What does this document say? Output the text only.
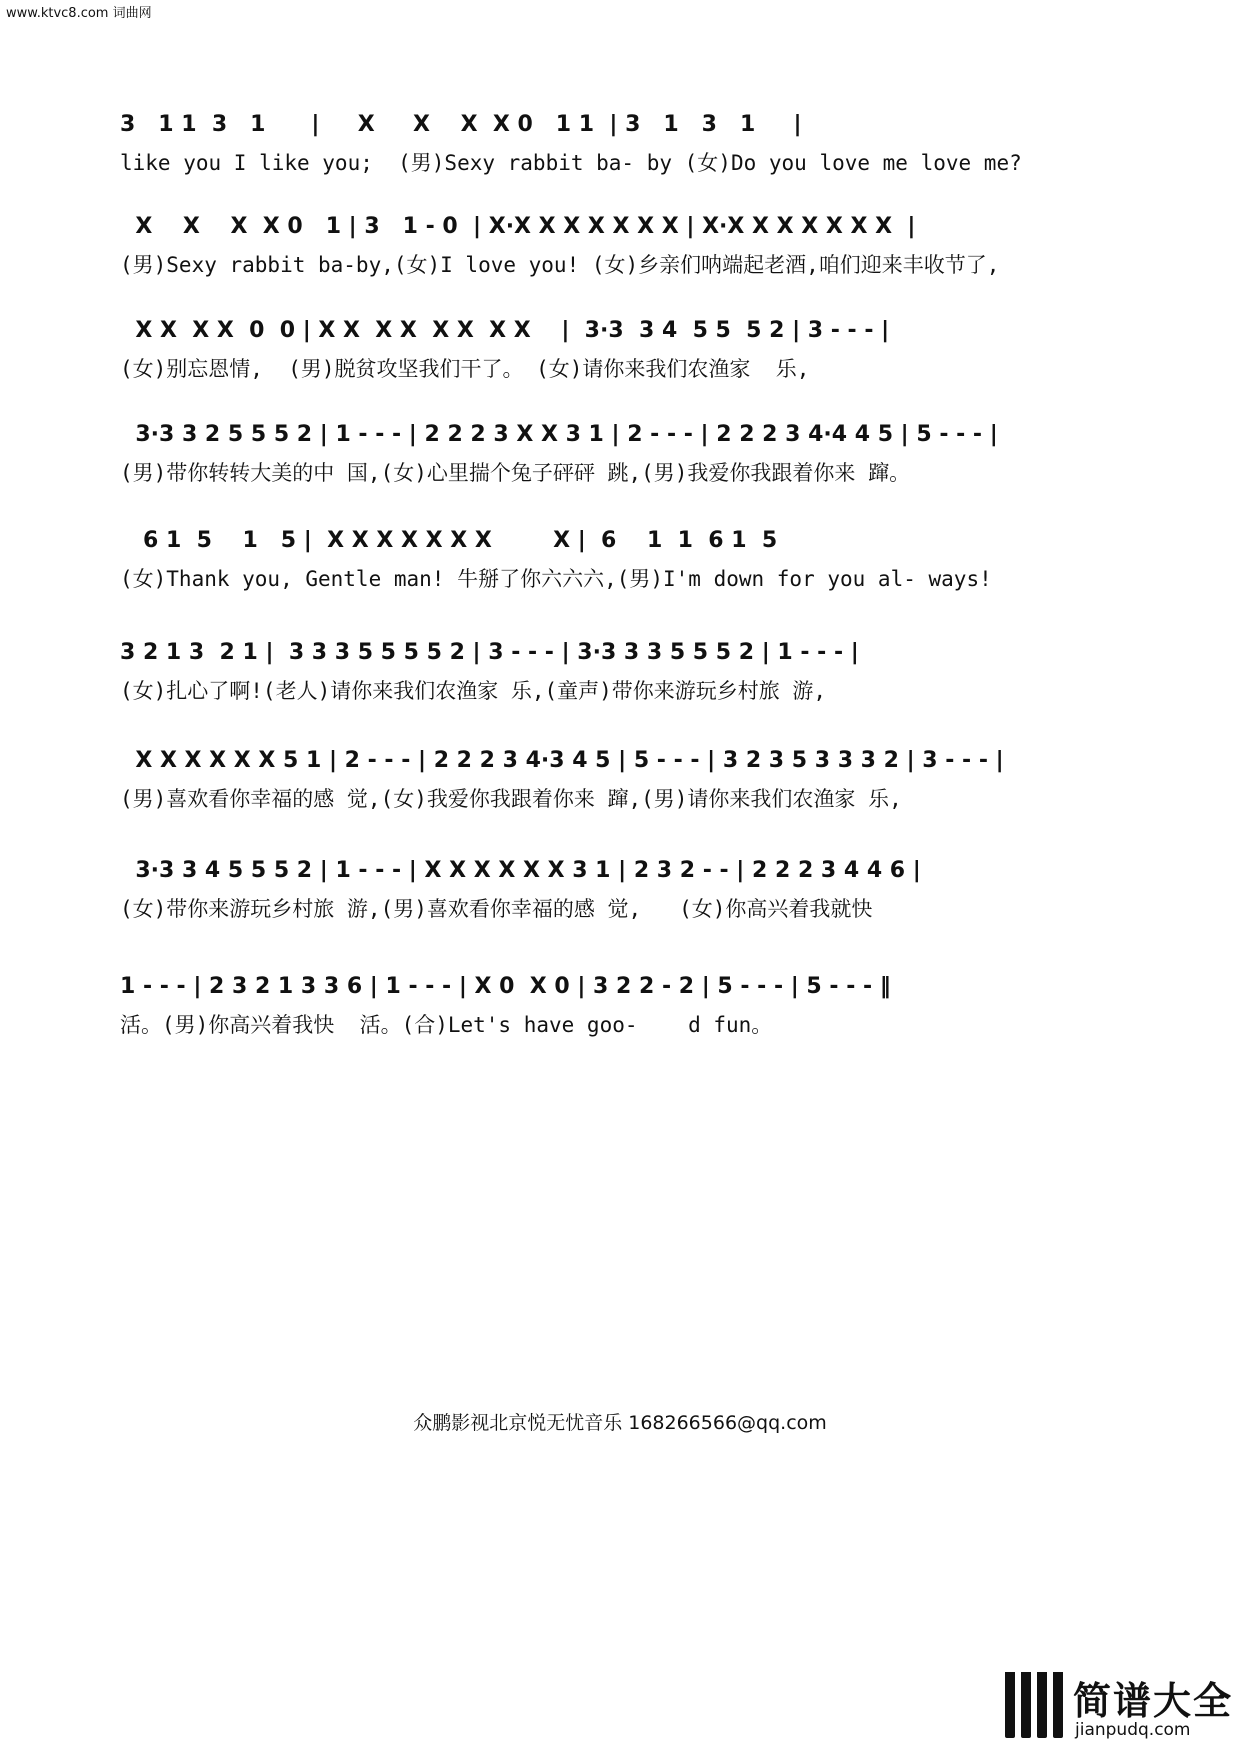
www.ktvc8.com 词曲网
3   1 1  3   1      |     X     X    X  X 0   1 1  | 3   1   3   1     |
like you I like you;  (男)Sexy rabbit ba- by (女)Do you love me love me?
X    X    X  X 0   1 | 3   1 - 0  | X·X X X X X X X | X·X X X X X X X  |
(男)Sexy rabbit ba-by,(女)I love you! (女)乡亲们呐端起老酒,咱们迎来丰收节了,
X X  X X  0  0 | X X  X X  X X  X X    |  3·3  3 4  5 5  5 2 | 3 - - - |
(女)别忘恩情,  (男)脱贫攻坚我们干了。 (女)请你来我们农渔家  乐,
3·3 3 2 5 5 5 2 | 1 - - - | 2 2 2 3 X X 3 1 | 2 - - - | 2 2 2 3 4·4 4 5 | 5 - - - |
(男)带你转转大美的中 国,(女)心里揣个兔子砰砰 跳,(男)我爱你我跟着你来 蹿。
6 1  5    1   5 |  X X X X X X X        X |  6    1  1  6 1  5
(女)Thank you, Gentle man! 牛掰了你六六六,(男)I'm down for you al- ways!
3 2 1 3  2 1 |  3 3 3 5 5 5 5 2 | 3 - - - | 3·3 3 3 5 5 5 2 | 1 - - - |
(女)扎心了啊!(老人)请你来我们农渔家 乐,(童声)带你来游玩乡村旅 游,
X X X X X X 5 1 | 2 - - - | 2 2 2 3 4·3 4 5 | 5 - - - | 3 2 3 5 3 3 3 2 | 3 - - - |
(男)喜欢看你幸福的感 觉,(女)我爱你我跟着你来 蹿,(男)请你来我们农渔家 乐,
3·3 3 4 5 5 5 2 | 1 - - - | X X X X X X 3 1 | 2 3 2 - - | 2 2 2 3 4 4 6 |
(女)带你来游玩乡村旅 游,(男)喜欢看你幸福的感 觉,   (女)你高兴着我就快
1 - - - | 2 3 2 1 3 3 6 | 1 - - - | X 0  X 0 | 3 2 2 - 2 | 5 - - - | 5 - - - ‖
活。(男)你高兴着我快  活。(合)Let's have goo-    d fun。
众鹏影视北京悦无忧音乐 168266566@qq.com
简谱大全
jianpudq.com
